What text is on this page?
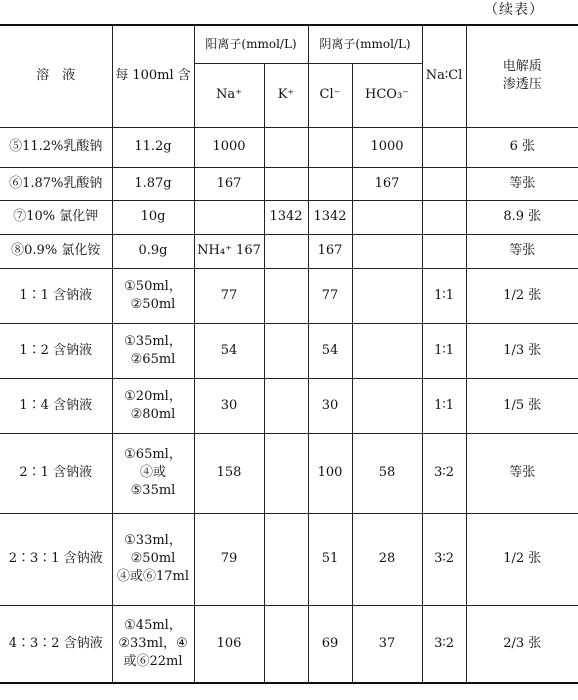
（续表）
溶　液	每 100ml 含	阳离子(mmol/L)		阴离子(mmol/L)		Na∶Cl	电解质
渗透压

		Na⁺	K⁺	Cl⁻	HCO₃⁻		
⑤11.2%乳酸钠	11.2g	1000			1000		6 张
⑥1.87%乳酸钠	1.87g	167			167		等张
⑦10% 氯化钾	10g		1342	1342			8.9 张
⑧0.9% 氯化铵	0.9g	NH₄⁺ 167		167			等张
1∶1 含钠液	①50ml，
②50ml	77		77		1∶1	1/2 张
1∶2 含钠液	①35ml，
②65ml	54		54		1∶1	1/3 张
1∶4 含钠液	①20ml，
②80ml	30		30		1∶1	1/5 张
2∶1 含钠液	①65ml，
④或
⑤35ml	158		100	58	3∶2	等张
2∶3∶1 含钠液	①33ml，
②50ml
④或⑥17ml	79		51	28	3∶2	1/2 张
4∶3∶2 含钠液	①45ml，
②33ml，④
或⑥22ml	106		69	37	3∶2	2/3 张
